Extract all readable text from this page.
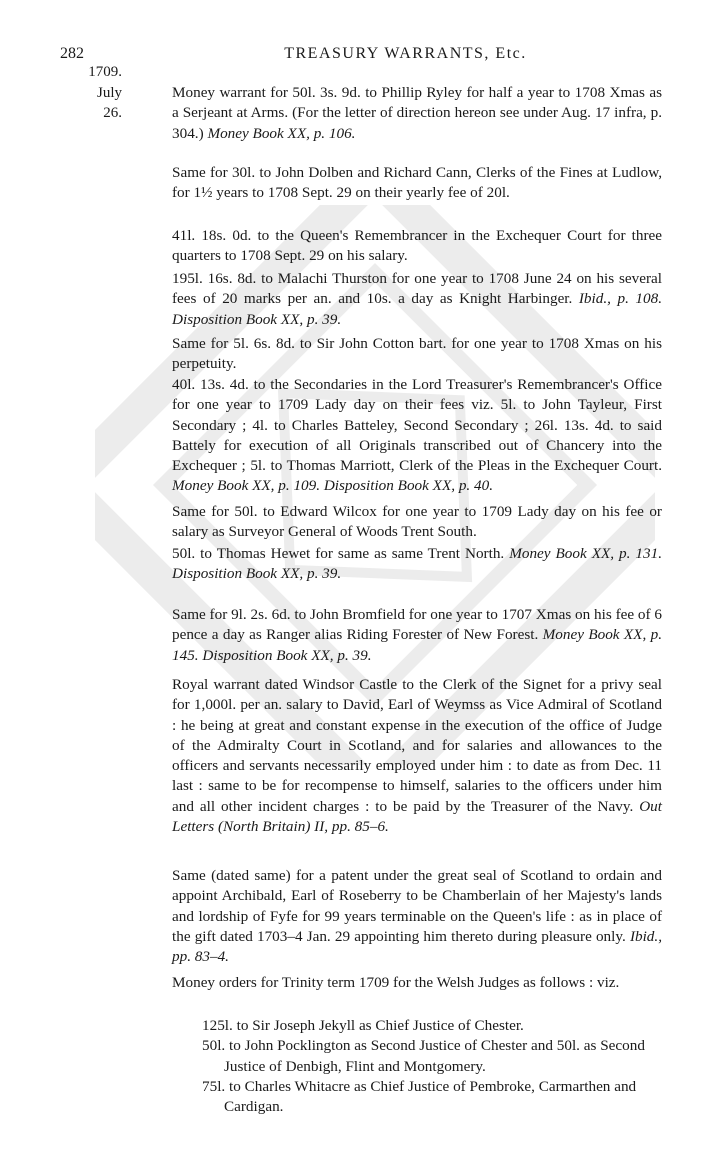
282	TREASURY WARRANTS, Etc.
1709.
July 26.
Money warrant for 50l. 3s. 9d. to Phillip Ryley for half a year to 1708 Xmas as a Serjeant at Arms. (For the letter of direction hereon see under Aug. 17 infra, p. 304.) Money Book XX, p. 106.
Same for 30l. to John Dolben and Richard Cann, Clerks of the Fines at Ludlow, for 1½ years to 1708 Sept. 29 on their yearly fee of 20l.
41l. 18s. 0d. to the Queen's Remembrancer in the Exchequer Court for three quarters to 1708 Sept. 29 on his salary.
195l. 16s. 8d. to Malachi Thurston for one year to 1708 June 24 on his several fees of 20 marks per an. and 10s. a day as Knight Harbinger. Ibid., p. 108. Disposition Book XX, p. 39.
Same for 5l. 6s. 8d. to Sir John Cotton bart. for one year to 1708 Xmas on his perpetuity.
40l. 13s. 4d. to the Secondaries in the Lord Treasurer's Remembrancer's Office for one year to 1709 Lady day on their fees viz. 5l. to John Tayleur, First Secondary ; 4l. to Charles Batteley, Second Secondary ; 26l. 13s. 4d. to said Battely for execution of all Originals transcribed out of Chancery into the Exchequer ; 5l. to Thomas Marriott, Clerk of the Pleas in the Exchequer Court. Money Book XX, p. 109. Disposition Book XX, p. 40.
Same for 50l. to Edward Wilcox for one year to 1709 Lady day on his fee or salary as Surveyor General of Woods Trent South.
50l. to Thomas Hewet for same as same Trent North. Money Book XX, p. 131. Disposition Book XX, p. 39.
Same for 9l. 2s. 6d. to John Bromfield for one year to 1707 Xmas on his fee of 6 pence a day as Ranger alias Riding Forester of New Forest. Money Book XX, p. 145. Disposition Book XX, p. 39.
Royal warrant dated Windsor Castle to the Clerk of the Signet for a privy seal for 1,000l. per an. salary to David, Earl of Weymss as Vice Admiral of Scotland : he being at great and constant expense in the execution of the office of Judge of the Admiralty Court in Scotland, and for salaries and allowances to the officers and servants necessarily employed under him : to date as from Dec. 11 last : same to be for recompense to himself, salaries to the officers under him and all other incident charges : to be paid by the Treasurer of the Navy. Out Letters (North Britain) II, pp. 85–6.
Same (dated same) for a patent under the great seal of Scotland to ordain and appoint Archibald, Earl of Roseberry to be Chamberlain of her Majesty's lands and lordship of Fyfe for 99 years terminable on the Queen's life : as in place of the gift dated 1703–4 Jan. 29 appointing him thereto during pleasure only. Ibid., pp. 83–4.
Money orders for Trinity term 1709 for the Welsh Judges as follows : viz.

125l. to Sir Joseph Jekyll as Chief Justice of Chester.

50l. to John Pocklington as Second Justice of Chester and 50l. as Second Justice of Denbigh, Flint and Montgomery.

75l. to Charles Whitacre as Chief Justice of Pembroke, Carmarthen and Cardigan.
